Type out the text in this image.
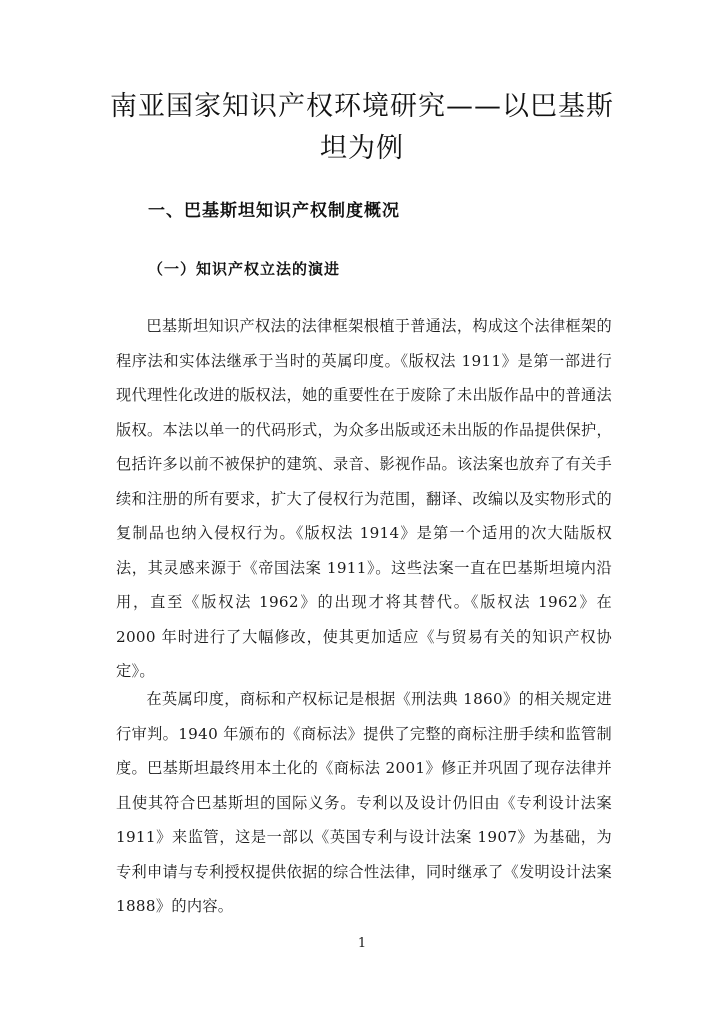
南亚国家知识产权环境研究——以巴基斯坦为例
一、巴基斯坦知识产权制度概况
（一）知识产权立法的演进

巴基斯坦知识产权法的法律框架根植于普通法，构成这个法律框架的程序法和实体法继承于当时的英属印度。《版权法 1911》是第一部进行现代理性化改进的版权法，她的重要性在于废除了未出版作品中的普通法版权。本法以单一的代码形式，为众多出版或还未出版的作品提供保护，包括许多以前不被保护的建筑、录音、影视作品。该法案也放弃了有关手续和注册的所有要求，扩大了侵权行为范围，翻译、改编以及实物形式的复制品也纳入侵权行为。《版权法 1914》是第一个适用的次大陆版权法，其灵感来源于《帝国法案 1911》。这些法案一直在巴基斯坦境内沿用，直至《版权法 1962》的出现才将其替代。《版权法 1962》在 2000 年时进行了大幅修改，使其更加适应《与贸易有关的知识产权协定》。

在英属印度，商标和产权标记是根据《刑法典 1860》的相关规定进行审判。1940 年颁布的《商标法》提供了完整的商标注册手续和监管制度。巴基斯坦最终用本土化的《商标法 2001》修正并巩固了现存法律并且使其符合巴基斯坦的国际义务。专利以及设计仍旧由《专利设计法案 1911》来监管，这是一部以《英国专利与设计法案 1907》为基础，为专利申请与专利授权提供依据的综合性法律，同时继承了《发明设计法案 1888》的内容。

1
